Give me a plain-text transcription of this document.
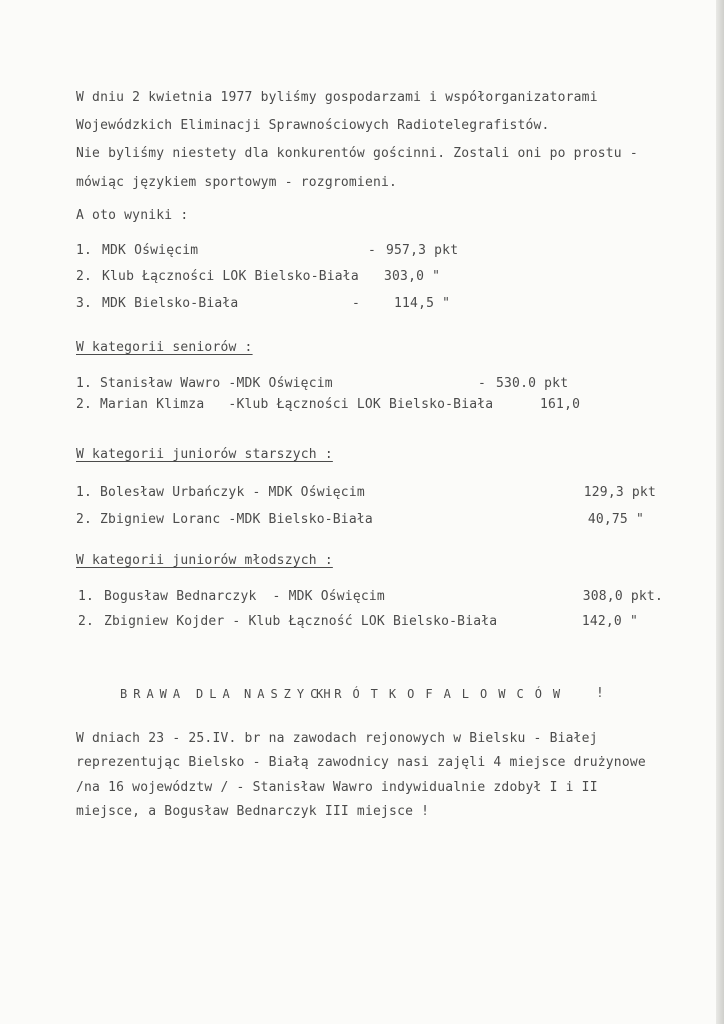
W dniu 2 kwietnia 1977 byliśmy gospodarzami i współorganizatorami
Wojewódzkich Eliminacji Sprawnościowych Radiotelegrafistów.
Nie byliśmy niestety dla konkurentów gościnni. Zostali oni po prostu -
mówiąc językiem sportowym - rozgromieni.
A oto wyniki :
1. MDK Oświęcim	- 957,3 pkt
2. Klub Łączności LOK Bielsko-Biała 303,0 "
3. MDK Bielsko-Biała	-	114,5 "
W kategorii seniorów :
1. Stanisław Wawro -MDK Oświęcim	- 530.0 pkt
2. Marian Klimza   -Klub Łączności LOK Bielsko-Biała	161,0
W kategorii juniorów starszych :
1. Bolesław Urbańczyk - MDK Oświęcim	129,3 pkt
2. Zbigniew Loranc -MDK Bielsko-Biała	40,75 "
W kategorii juniorów młodszych :
1. Bogusław Bednarczyk  - MDK Oświęcim	308,0 pkt.
2. Zbigniew Kojder - Klub Łączność LOK Bielsko-Biała	142,0 "
BRAWA DLA NASZYCH
KRÓTKOFALOWCÓW !
W dniach 23 - 25.IV. br na zawodach rejonowych w Bielsku - Białej
reprezentując Bielsko - Białą zawodnicy nasi zajęli 4 miejsce drużynowe
/na 16 województw / - Stanisław Wawro indywidualnie zdobył I i II
miejsce, a Bogusław Bednarczyk III miejsce !
